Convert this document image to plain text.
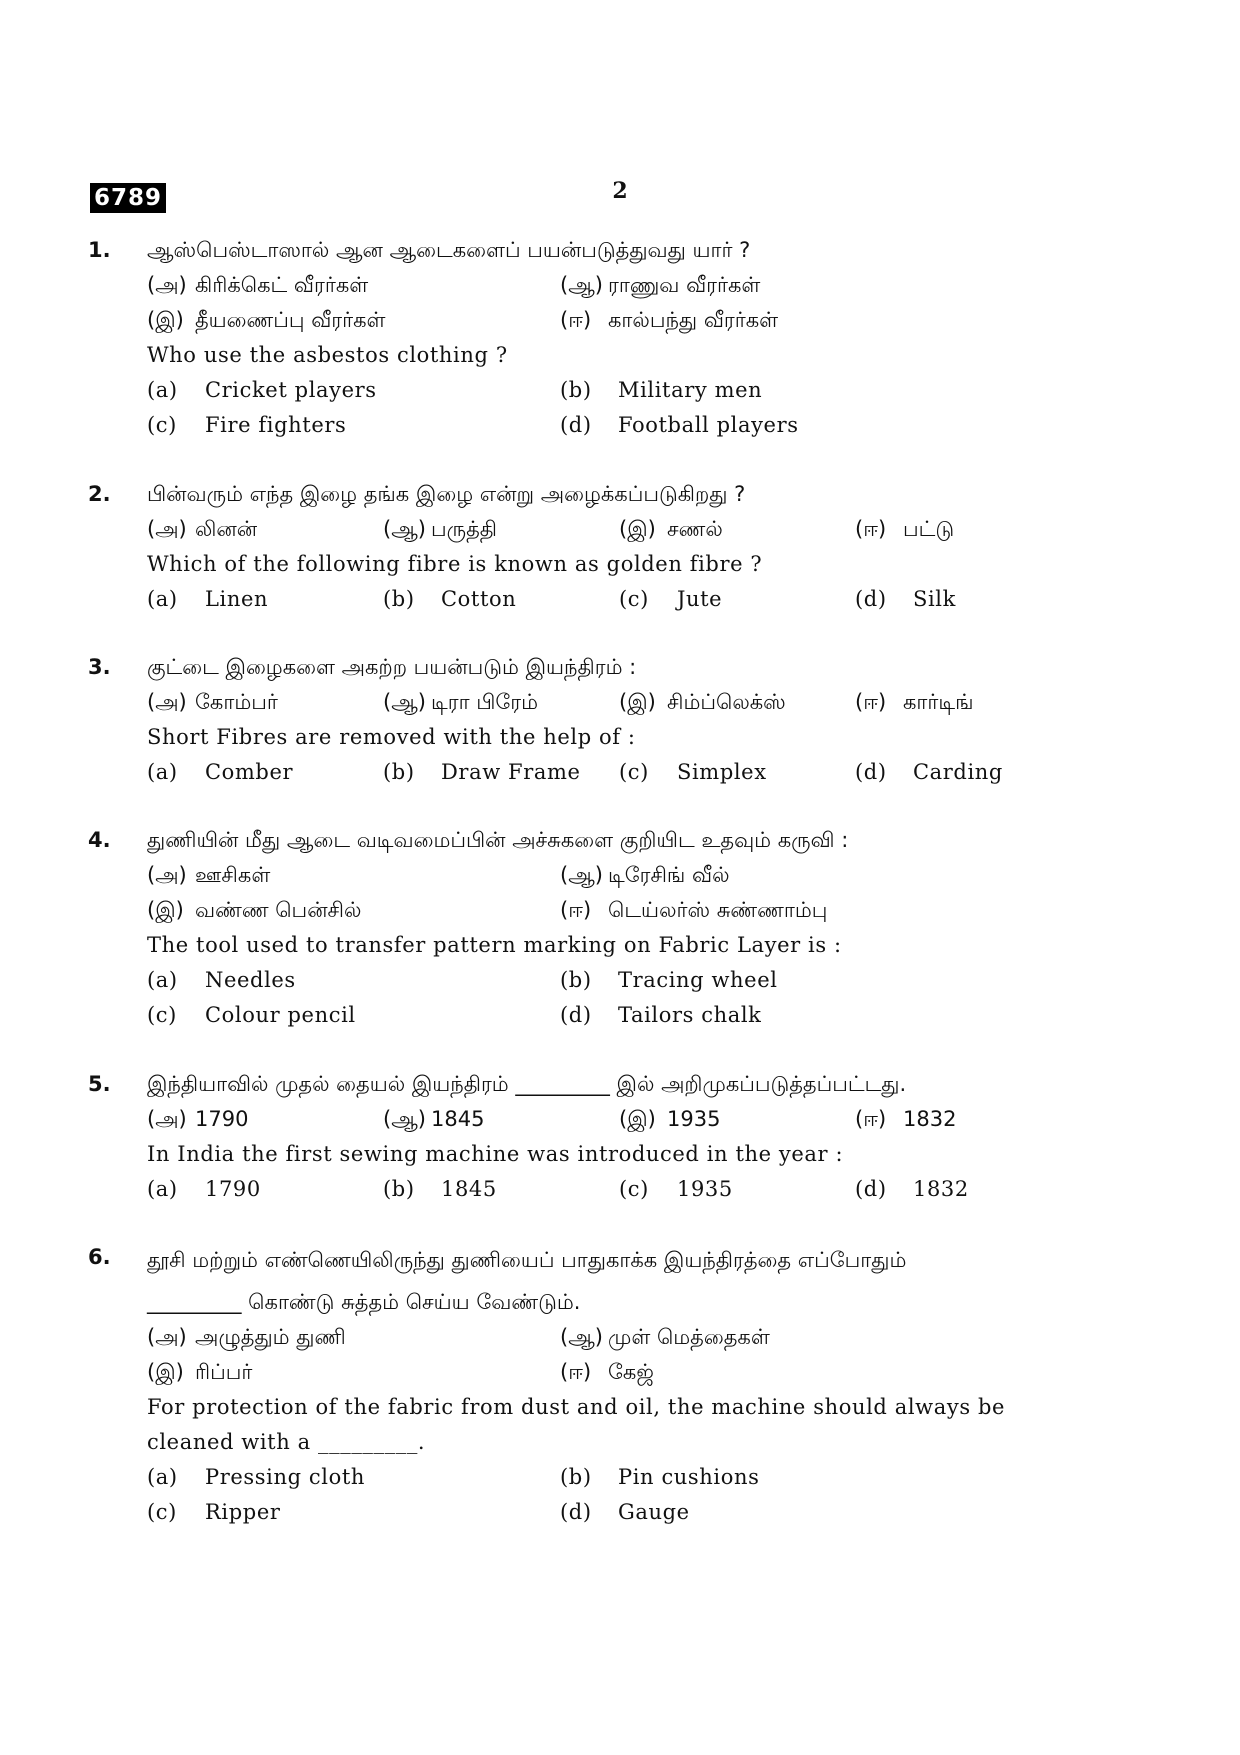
6789	2
1. ஆஸ்பெஸ்டாஸால் ஆன ஆடைகளைப் பயன்படுத்துவது யார் ?
(அ) கிரிக்கெட் வீரர்கள்	(ஆ) ராணுவ வீரர்கள்
(இ) தீயணைப்பு வீரர்கள்	(ஈ) கால்பந்து வீரர்கள்
Who use the asbestos clothing ?
(a) Cricket players	(b) Military men
(c) Fire fighters	(d) Football players
2. பின்வரும் எந்த இழை தங்க இழை என்று அழைக்கப்படுகிறது ?
(அ) லினன்	(ஆ) பருத்தி	(இ) சணல்	(ஈ) பட்டு
Which of the following fibre is known as golden fibre ?
(a) Linen	(b) Cotton	(c) Jute	(d) Silk
3. குட்டை இழைகளை அகற்ற பயன்படும் இயந்திரம் :
(அ) கோம்பர்	(ஆ) டிரா பிரேம்	(இ) சிம்ப்லெக்ஸ்	(ஈ) கார்டிங்
Short Fibres are removed with the help of :
(a) Comber	(b) Draw Frame (c) Simplex	(d) Carding
4. துணியின் மீது ஆடை வடிவமைப்பின் அச்சுகளை குறியிட உதவும் கருவி :
(அ) ஊசிகள்	(ஆ) டிரேசிங் வீல்
(இ) வண்ண பென்சில்	(ஈ) டெய்லர்ஸ் சுண்ணாம்பு
The tool used to transfer pattern marking on Fabric Layer is :
(a) Needles	(b) Tracing wheel
(c) Colour pencil	(d) Tailors chalk
5. இந்தியாவில் முதல் தையல் இயந்திரம் _________ இல் அறிமுகப்படுத்தப்பட்டது.
(அ) 1790	(ஆ) 1845	(இ) 1935	(ஈ) 1832
In India the first sewing machine was introduced in the year :
(a) 1790	(b) 1845	(c) 1935	(d) 1832
6. தூசி மற்றும் எண்ணெயிலிருந்து துணியைப் பாதுகாக்க இயந்திரத்தை எப்போதும்
_________ கொண்டு சுத்தம் செய்ய வேண்டும்.
(அ) அழுத்தும் துணி	(ஆ) முள் மெத்தைகள்
(இ) ரிப்பர்	(ஈ) கேஜ்
For protection of the fabric from dust and oil, the machine should always be
cleaned with a _________.
(a) Pressing cloth	(b) Pin cushions
(c) Ripper	(d) Gauge
